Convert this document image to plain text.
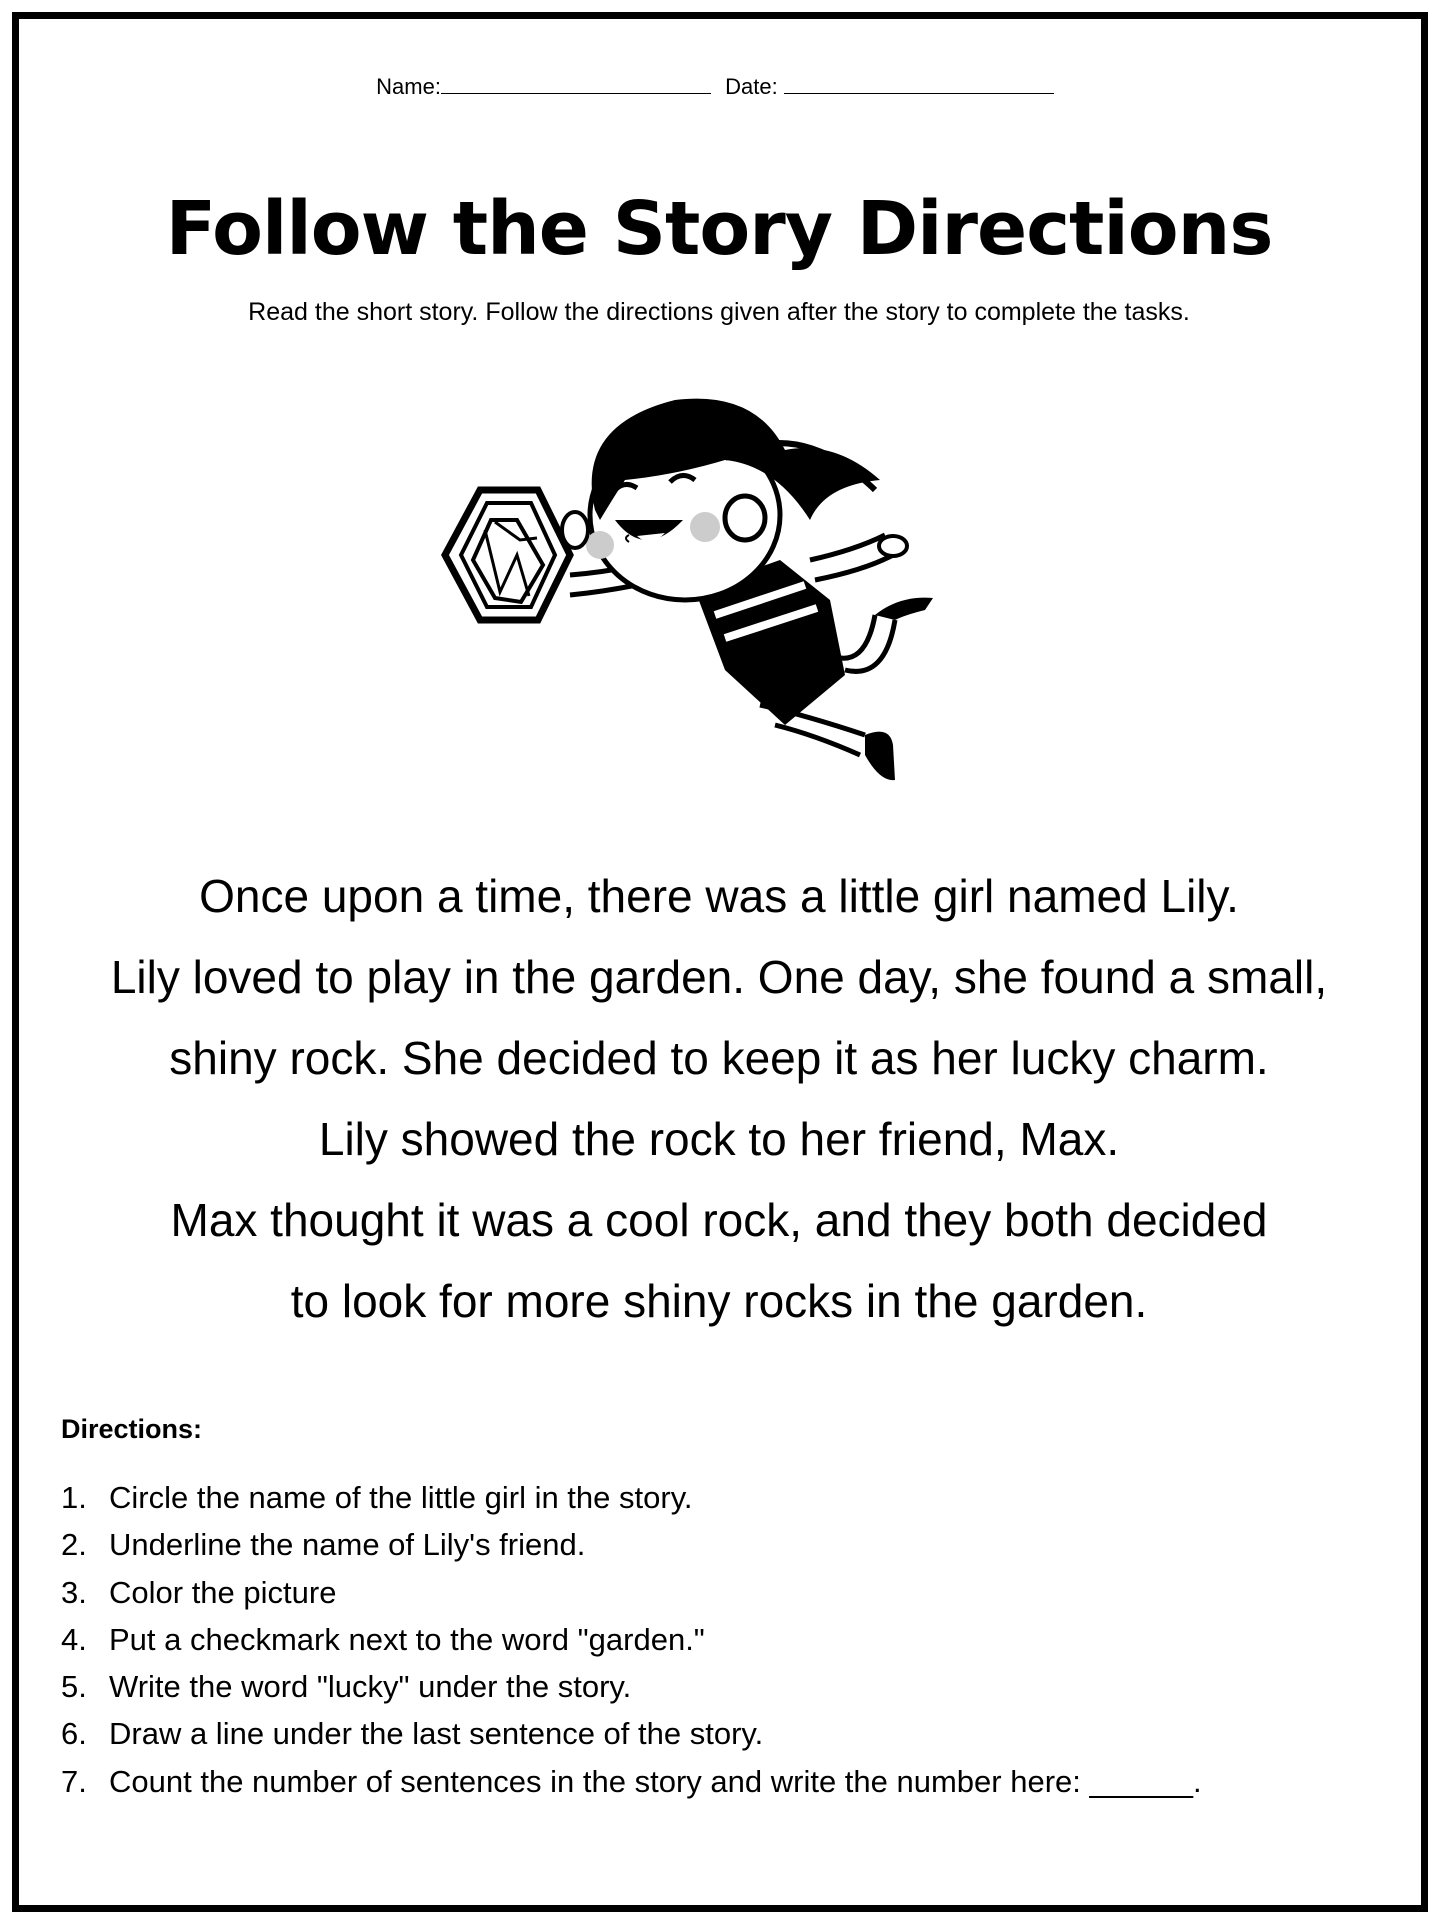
Name:	Date:
Follow the Story Directions
Read the short story. Follow the directions given after the story to complete the tasks.

Once upon a time, there was a little girl named Lily.

Lily loved to play in the garden. One day, she found a small,

shiny rock. She decided to keep it as her lucky charm.

Lily showed the rock to her friend, Max.

Max thought it was a cool rock, and they both decided

to look for more shiny rocks in the garden.

Directions:
1. Circle the name of the little girl in the story.
2. Underline the name of Lily's friend.
3. Color the picture
4. Put a checkmark next to the word "garden."
5. Write the word "lucky" under the story.
6. Draw a line under the last sentence of the story.
7. Count the number of sentences in the story and write the number here: ______.
